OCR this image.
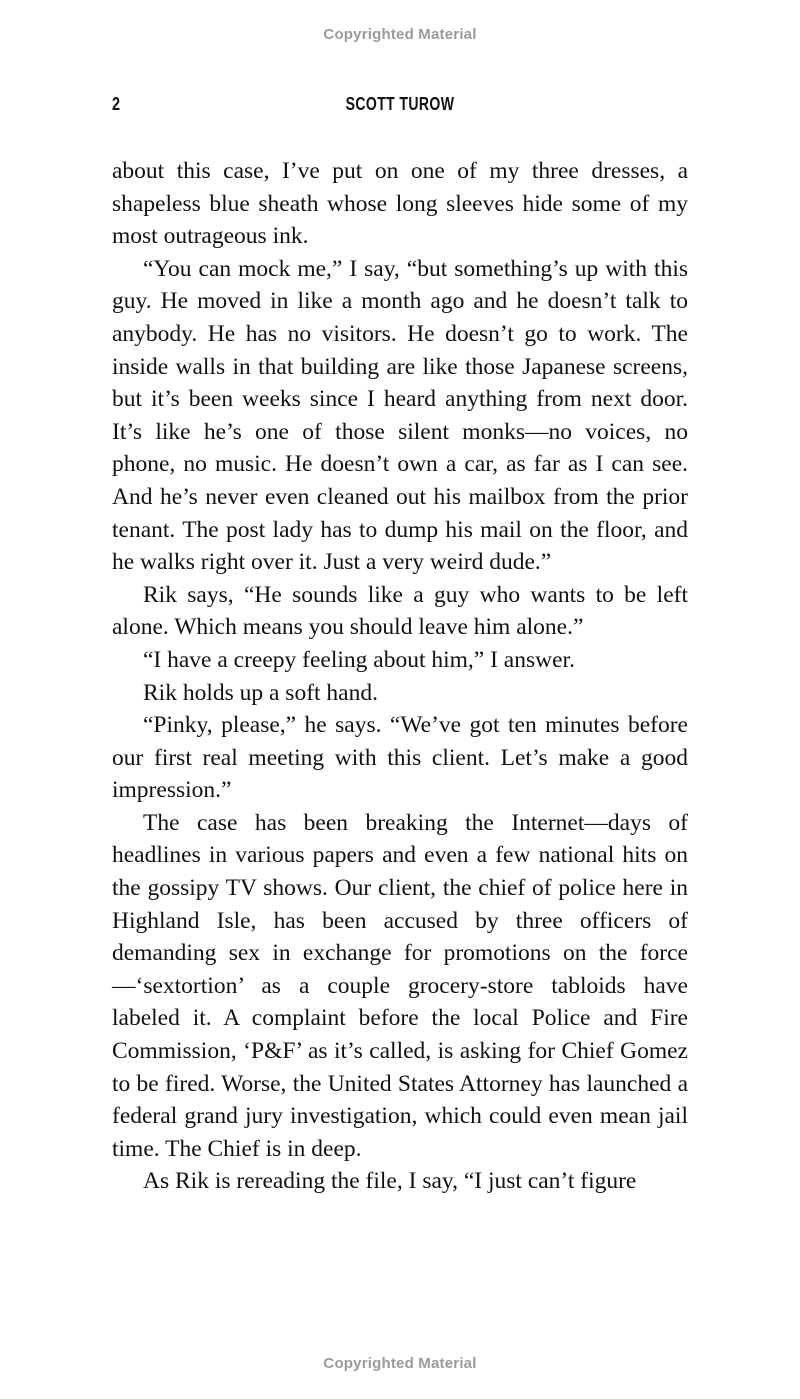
Copyrighted Material
2	SCOTT TUROW

about this case, I’ve put on one of my three dresses, a shapeless blue sheath whose long sleeves hide some of my most outrageous ink.

“You can mock me,” I say, “but something’s up with this guy. He moved in like a month ago and he doesn’t talk to anybody. He has no visitors. He doesn’t go to work. The inside walls in that building are like those Japanese screens, but it’s been weeks since I heard anything from next door. It’s like he’s one of those silent monks—no voices, no phone, no music. He doesn’t own a car, as far as I can see. And he’s never even cleaned out his mailbox from the prior tenant. The post lady has to dump his mail on the floor, and he walks right over it. Just a very weird dude.”

Rik says, “He sounds like a guy who wants to be left alone. Which means you should leave him alone.”

“I have a creepy feeling about him,” I answer.

Rik holds up a soft hand.

“Pinky, please,” he says. “We’ve got ten minutes before our first real meeting with this client. Let’s make a good impression.”

The case has been breaking the Internet—days of headlines in various papers and even a few national hits on the gossipy TV shows. Our client, the chief of police here in Highland Isle, has been accused by three officers of demanding sex in exchange for promotions on the force—‘sextortion’ as a couple grocery-store tabloids have labeled it. A complaint before the local Police and Fire Commission, ‘P&F’ as it’s called, is asking for Chief Gomez to be fired. Worse, the United States Attorney has launched a federal grand jury investigation, which could even mean jail time. The Chief is in deep.

As Rik is rereading the file, I say, “I just can’t figure

Copyrighted Material
